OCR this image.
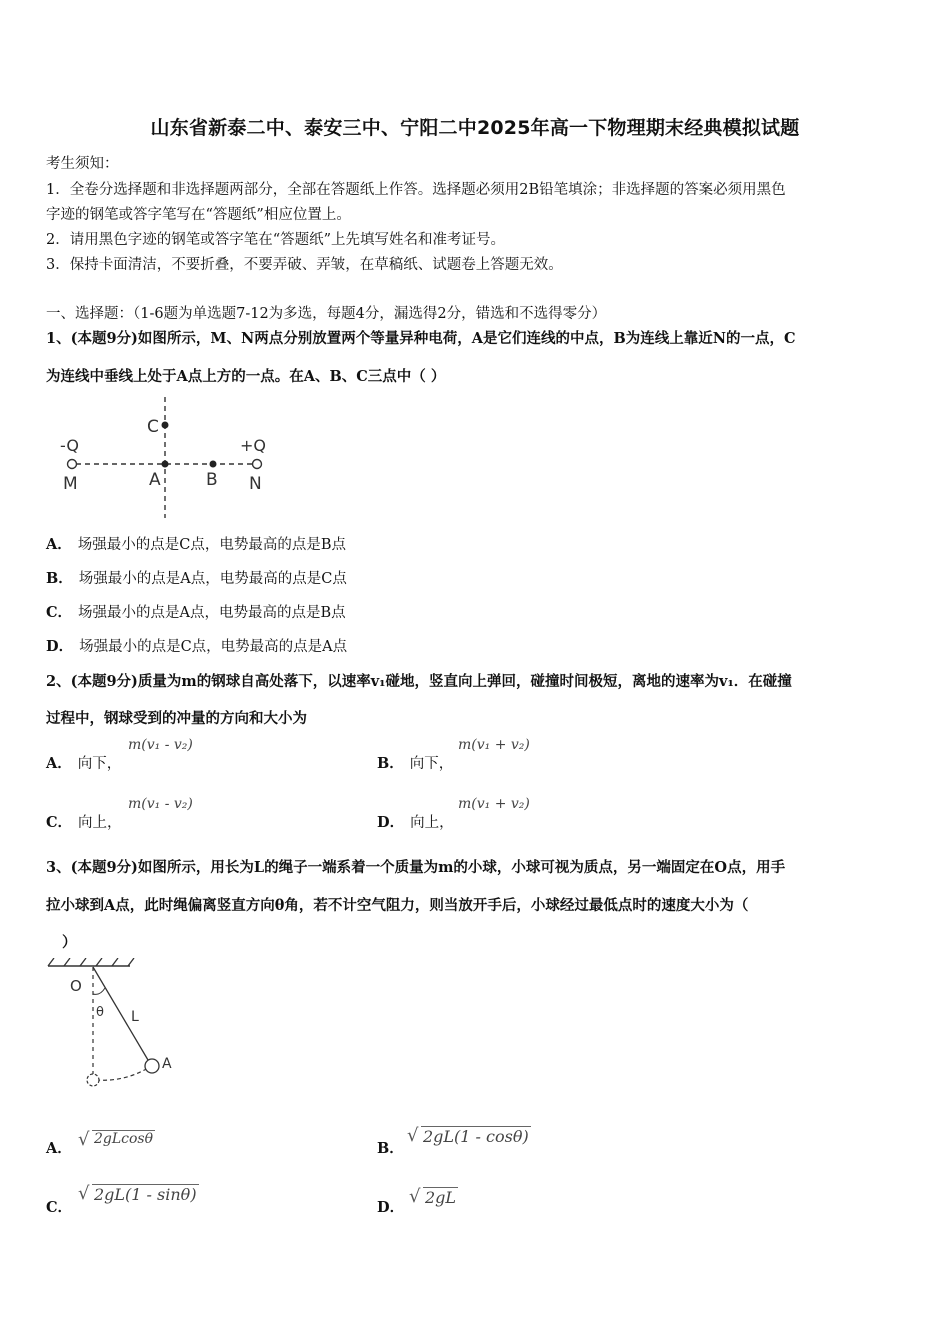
山东省新泰二中、泰安三中、宁阳二中2025年高一下物理期末经典模拟试题
考生须知：
1．全卷分选择题和非选择题两部分，全部在答题纸上作答。选择题必须用2B铅笔填涂；非选择题的答案必须用黑色
字迹的钢笔或答字笔写在“答题纸”相应位置上。
2．请用黑色字迹的钢笔或答字笔在“答题纸”上先填写姓名和准考证号。
3．保持卡面清洁，不要折叠，不要弄破、弄皱，在草稿纸、试题卷上答题无效。
一、选择题：（1-6题为单选题7-12为多选，每题4分，漏选得2分，错选和不选得零分）
1、(本题9分)如图所示，M、N两点分别放置两个等量异种电荷，A是它们连线的中点，B为连线上靠近N的一点，C
为连线中垂线上处于A点上方的一点。在A、B、C三点中（ ）
C
-Q	+Q
M	A	B N
A． 场强最小的点是C点，电势最高的点是B点
B． 场强最小的点是A点，电势最高的点是C点
C． 场强最小的点是A点，电势最高的点是B点
D． 场强最小的点是C点，电势最高的点是A点
2、(本题9分)质量为m的钢球自高处落下，以速率v₁碰地，竖直向上弹回，碰撞时间极短，离地的速率为v₁．在碰撞
过程中，钢球受到的冲量的方向和大小为
A． 向下，
m(v₁ - v₂)
B． 向下，
m(v₁ + v₂)
C． 向上，
m(v₁ - v₂)
D． 向上，
m(v₁ + v₂)
3、(本题9分)如图所示，用长为L的绳子一端系着一个质量为m的小球，小球可视为质点，另一端固定在O点，用手
拉小球到A点，此时绳偏离竖直方向θ角，若不计空气阻力，则当放开手后，小球经过最低点时的速度大小为（
）
O
θ L
A
A． √ 2gLcosθ
B．
√ 2gL(1 - cosθ)
C．
√ 2gL(1 - sinθ)
D．
√ 2gL
